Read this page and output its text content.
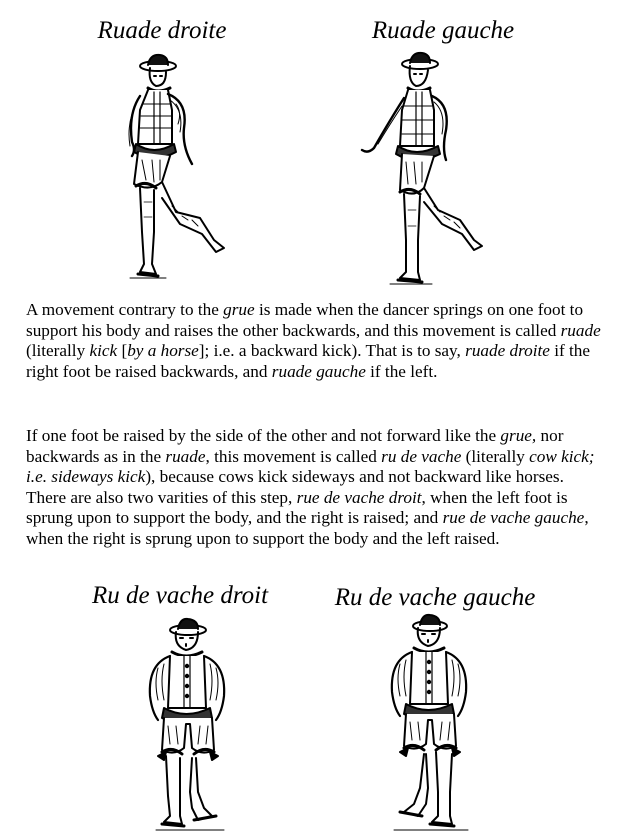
Ruade droite	Ruade gauche

A movement contrary to the grue is made when the dancer springs on one foot to support his body and raises the other backwards, and this movement is called ruade (literally kick [by a horse]; i.e. a backward kick). That is to say, ruade droite if the right foot be raised backwards, and ruade gauche if the left.

If one foot be raised by the side of the other and not forward like the grue, nor backwards as in the ruade, this movement is called ru de vache (literally cow kick; i.e. sideways kick), because cows kick sideways and not backward like horses. There are also two varities of this step, rue de vache droit, when the left foot is sprung upon to support the body, and the right is raised; and rue de vache gauche, when the right is sprung upon to support the body and the left raised.

Ru de vache droit	Ru de vache gauche
